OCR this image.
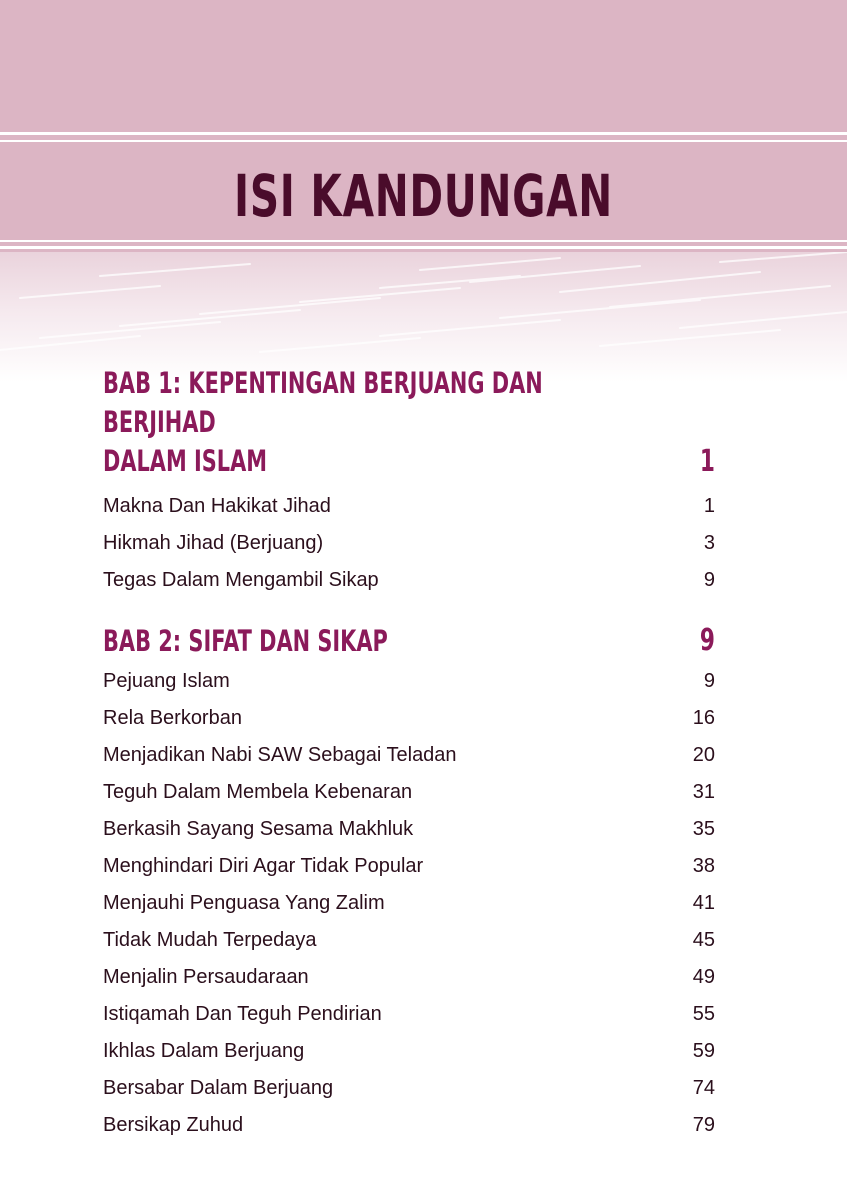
ISI KANDUNGAN
BAB 1: KEPENTINGAN BERJUANG DAN BERJIHAD
DALAM ISLAM	1
Makna Dan Hakikat Jihad	1
Hikmah Jihad (Berjuang)	3
Tegas Dalam Mengambil Sikap	9
BAB 2: SIFAT DAN SIKAP	9
Pejuang Islam	9
Rela Berkorban	16
Menjadikan Nabi SAW Sebagai Teladan	20
Teguh Dalam Membela Kebenaran	31
Berkasih Sayang Sesama Makhluk	35
Menghindari Diri Agar Tidak Popular	38
Menjauhi Penguasa Yang Zalim	41
Tidak Mudah Terpedaya	45
Menjalin Persaudaraan	49
Istiqamah Dan Teguh Pendirian	55
Ikhlas Dalam Berjuang	59
Bersabar Dalam Berjuang	74
Bersikap Zuhud	79
